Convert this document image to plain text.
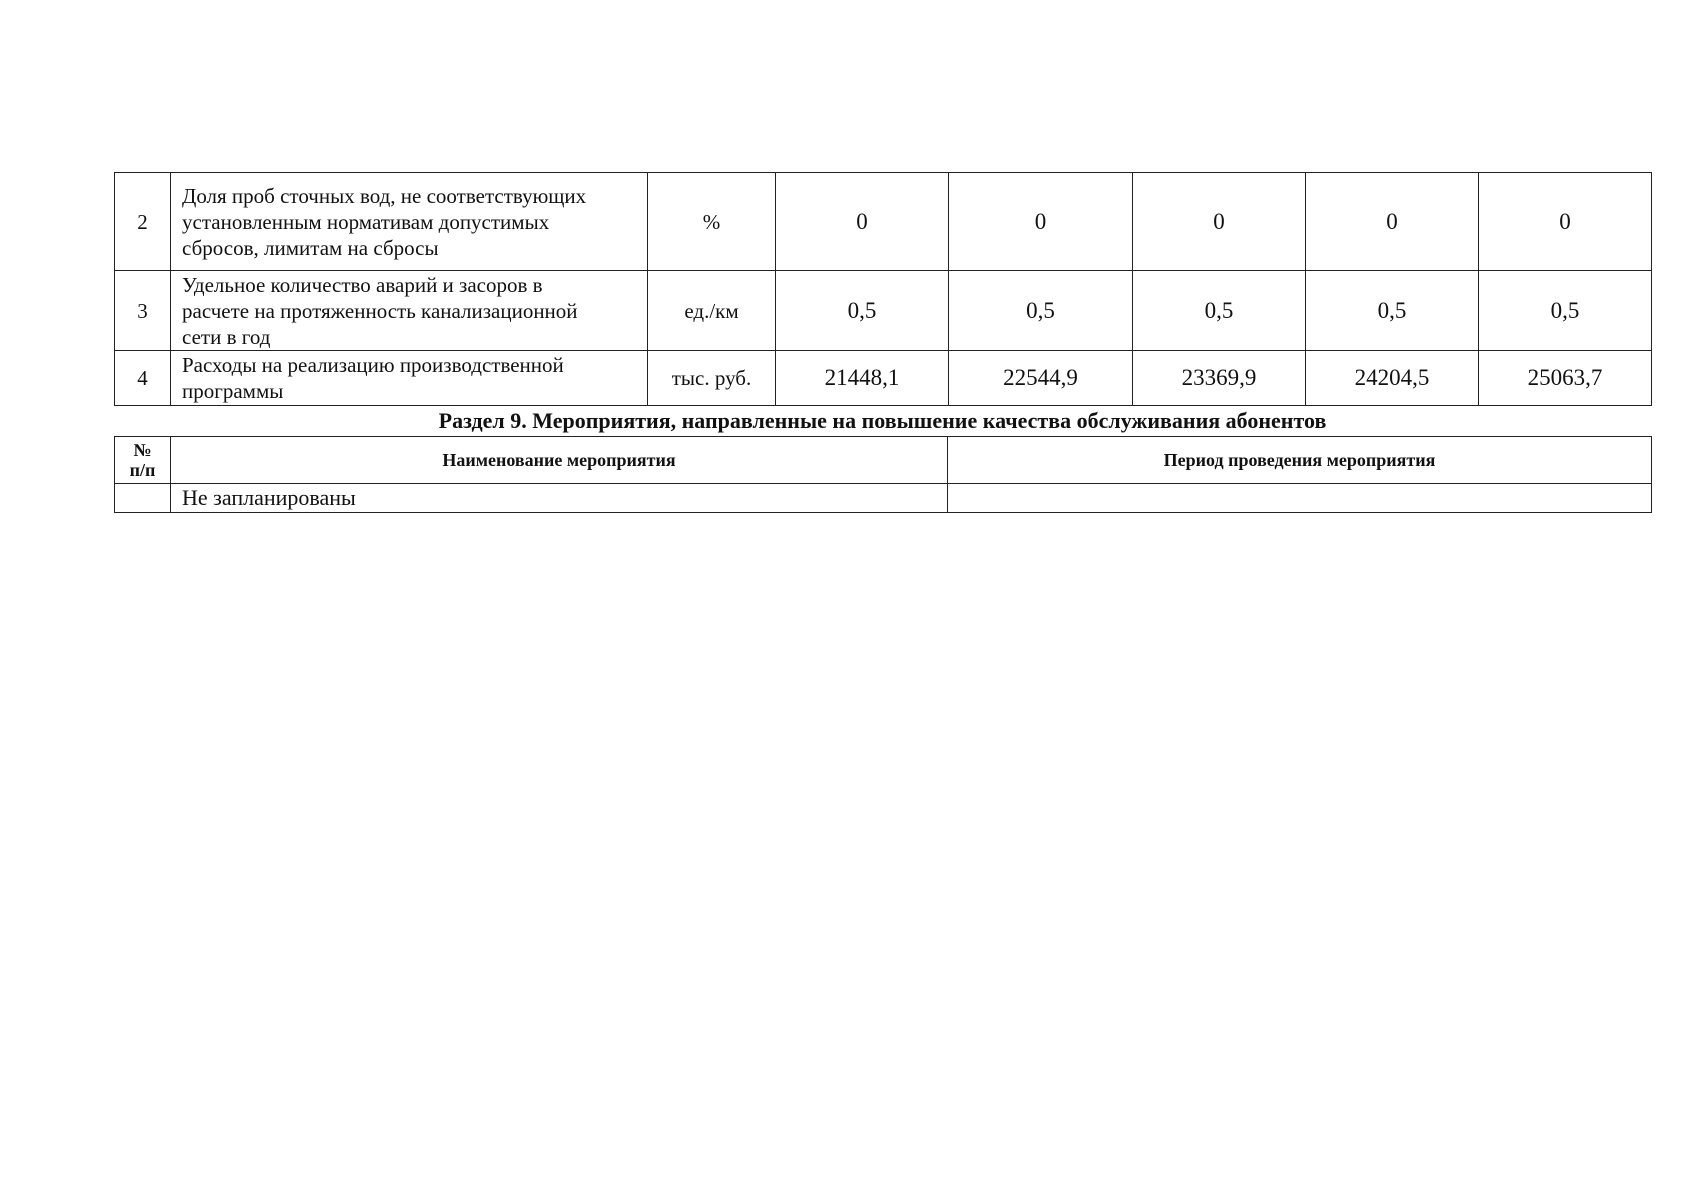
2	Доля проб сточных вод, не соответствующих
установленным нормативам допустимых
сбросов, лимитам на сбросы	%	0	0	0	0	0
3	Удельное количество аварий и засоров в
расчете на протяженность канализационной
сети в год	ед./км	0,5	0,5	0,5	0,5	0,5
4	Расходы на реализацию производственной
программы	тыс. руб.	21448,1	22544,9	23369,9	24204,5	25063,7
Раздел 9. Мероприятия, направленные на повышение качества обслуживания абонентов
№
п/п	Наименование мероприятия	Период проведения мероприятия
	Не запланированы	
